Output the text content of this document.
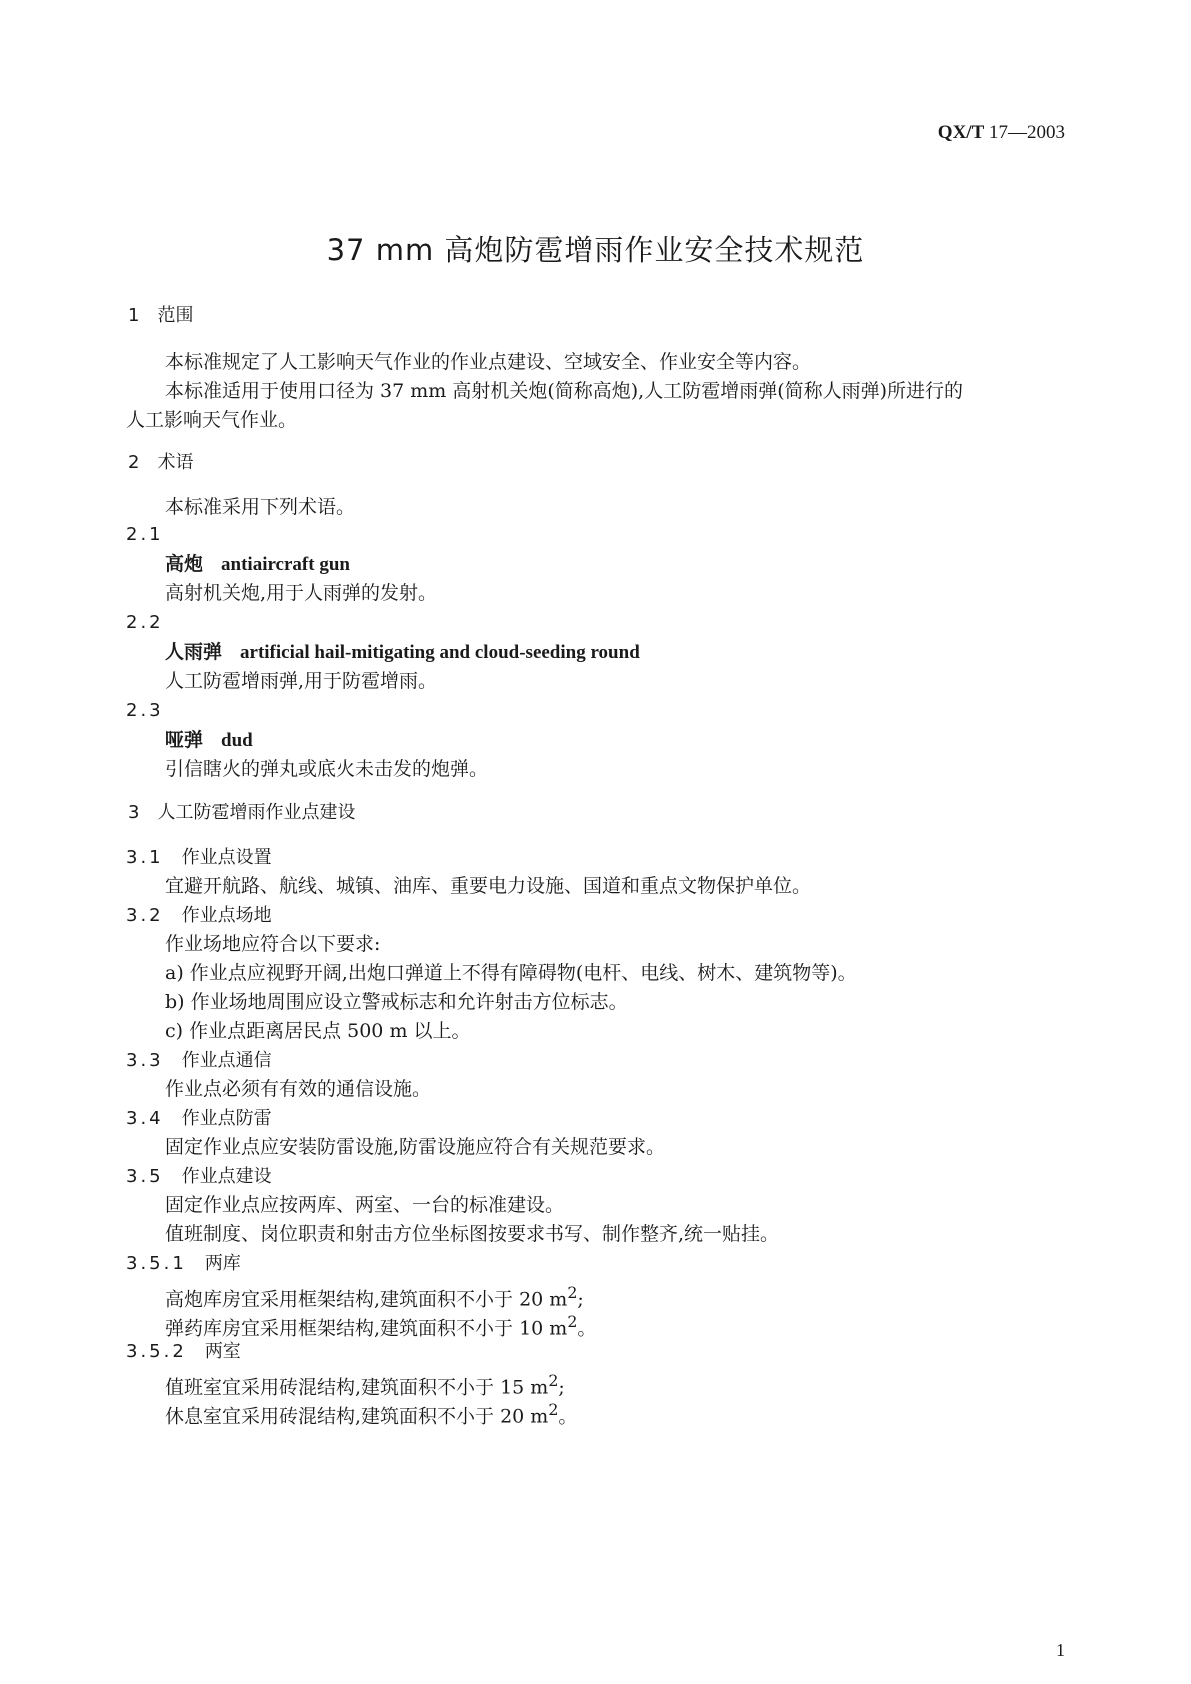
QX/T 17—2003
37 mm 高炮防雹增雨作业安全技术规范
1 范围
本标准规定了人工影响天气作业的作业点建设、空域安全、作业安全等内容。
本标准适用于使用口径为 37 mm 高射机关炮(简称高炮),人工防雹增雨弹(简称人雨弹)所进行的
人工影响天气作业。
2 术语
本标准采用下列术语。
2.1
高炮 antiaircraft gun
高射机关炮,用于人雨弹的发射。
2.2
人雨弹 artificial hail-mitigating and cloud-seeding round
人工防雹增雨弹,用于防雹增雨。
2.3
哑弹 dud
引信瞎火的弹丸或底火未击发的炮弹。
3 人工防雹增雨作业点建设
3.1 作业点设置
宜避开航路、航线、城镇、油库、重要电力设施、国道和重点文物保护单位。
3.2 作业点场地
作业场地应符合以下要求:
a) 作业点应视野开阔,出炮口弹道上不得有障碍物(电杆、电线、树木、建筑物等)。
b) 作业场地周围应设立警戒标志和允许射击方位标志。
c) 作业点距离居民点 500 m 以上。
3.3 作业点通信
作业点必须有有效的通信设施。
3.4 作业点防雷
固定作业点应安装防雷设施,防雷设施应符合有关规范要求。
3.5 作业点建设
固定作业点应按两库、两室、一台的标准建设。
值班制度、岗位职责和射击方位坐标图按要求书写、制作整齐,统一贴挂。
3.5.1 两库
高炮库房宜采用框架结构,建筑面积不小于 20 $m^2$;
弹药库房宜采用框架结构,建筑面积不小于 10 $m^2$。
3.5.2 两室
值班室宜采用砖混结构,建筑面积不小于 15 $m^2$;
休息室宜采用砖混结构,建筑面积不小于 20 $m^2$。
1
